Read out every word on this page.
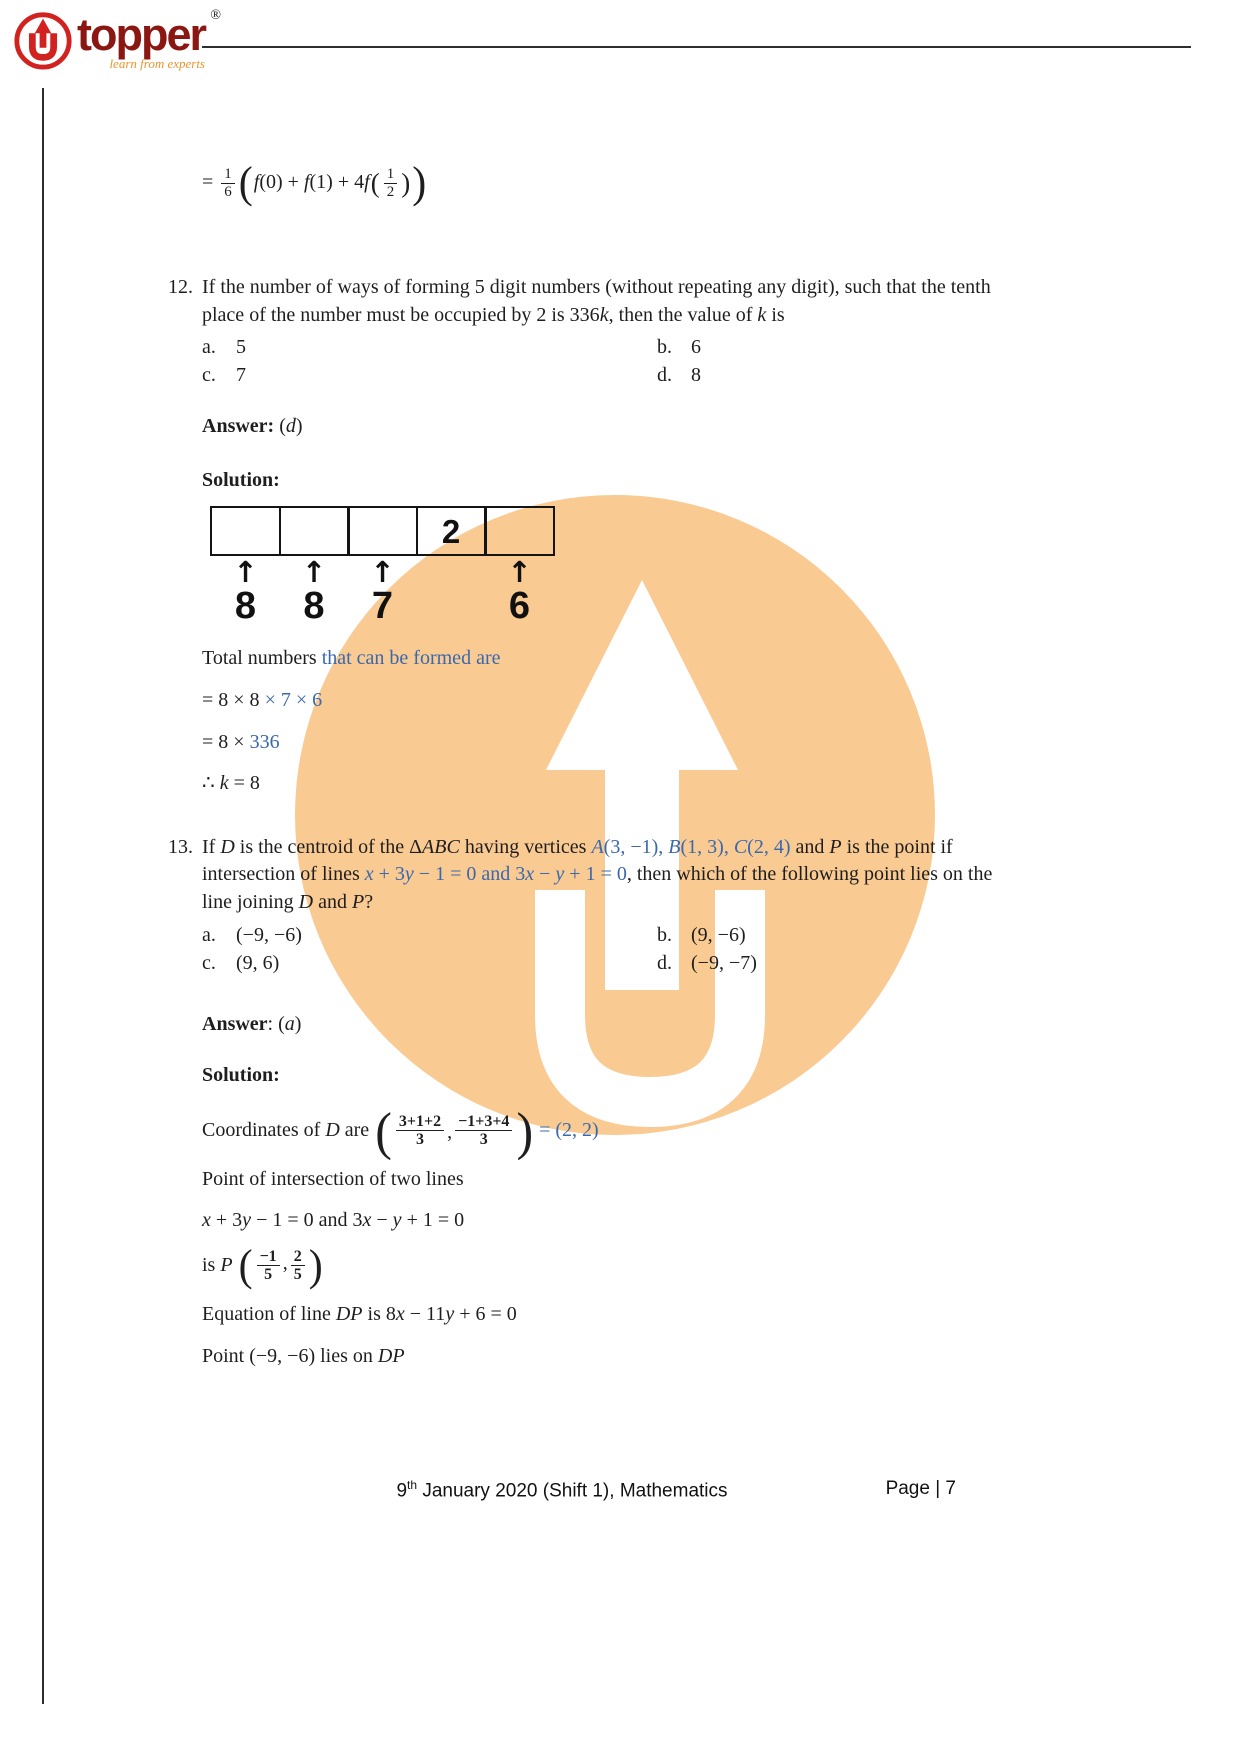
topper ®
learn from experts
= $\frac{1}{6}$ ( f(0) + f(1) + 4f ( $\frac{1}{2}$ ) )
12. If the number of ways of forming 5 digit numbers (without repeating any digit), such that the tenth place of the number must be occupied by 2 is 336k, then the value of k is

a.	5	b. 6
c.	7	d. 8

Answer: (d)

Solution:

2
↑
8
↑
8
↑
7
↑
6

Total numbers that can be formed are

= 8 × 8 × 7 × 6

= 8 × 336

∴ k = 8

13. If D is the centroid of the ΔABC having vertices A(3, −1), B(1, 3), C(2, 4) and P is the point if intersection of lines x + 3y − 1 = 0 and 3x − y + 1 = 0, then which of the following point lies on the line joining D and P?

a.	(−9, −6)	b. (9, −6)
c.	(9, 6)	d. (−9, −7)

Answer: (a)

Solution:

Coordinates of D are ( $\frac{3+1+2}{3}$ , $\frac{-1+3+4}{3}$ ) = (2, 2)

Point of intersection of two lines

x + 3y − 1 = 0 and 3x − y + 1 = 0

is P ( $\frac{-1}{5}$ , $\frac{2}{5}$ )

Equation of line DP is 8x − 11y + 6 = 0

Point (−9, −6) lies on DP

9th January 2020 (Shift 1), Mathematics	Page | 7
